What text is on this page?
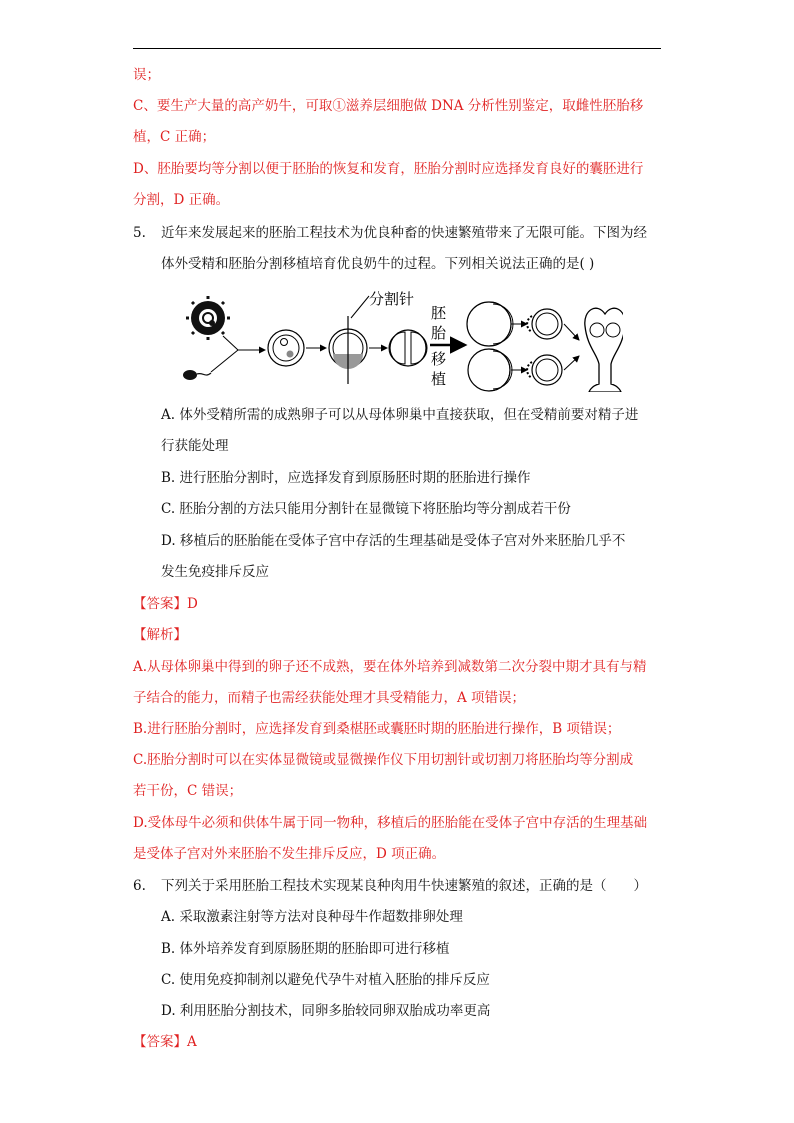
误；
C、要生产大量的高产奶牛，可取①滋养层细胞做 DNA 分析性别鉴定，取雌性胚胎移
植，C 正确；
D、胚胎要均等分割以便于胚胎的恢复和发育，胚胎分割时应选择发育良好的囊胚进行
分割，D 正确。
5. 近年来发展起来的胚胎工程技术为优良种畜的快速繁殖带来了无限可能。下图为经
体外受精和胚胎分割移植培育优良奶牛的过程。下列相关说法正确的是( )
分割针
胚
胎
移
植
A. 体外受精所需的成熟卵子可以从母体卵巢中直接获取，但在受精前要对精子进
行获能处理
B. 进行胚胎分割时，应选择发育到原肠胚时期的胚胎进行操作
C. 胚胎分割的方法只能用分割针在显微镜下将胚胎均等分割成若干份
D. 移植后的胚胎能在受体子宫中存活的生理基础是受体子宫对外来胚胎几乎不
发生免疫排斥反应
【答案】D
【解析】
A.从母体卵巢中得到的卵子还不成熟，要在体外培养到减数第二次分裂中期才具有与精
子结合的能力，而精子也需经获能处理才具受精能力，A 项错误；
B.进行胚胎分割时，应选择发育到桑椹胚或囊胚时期的胚胎进行操作，B 项错误；
C.胚胎分割时可以在实体显微镜或显微操作仪下用切割针或切割刀将胚胎均等分割成
若干份，C 错误；
D.受体母牛必须和供体牛属于同一物种，移植后的胚胎能在受体子宫中存活的生理基础
是受体子宫对外来胚胎不发生排斥反应，D 项正确。
6. 下列关于采用胚胎工程技术实现某良种肉用牛快速繁殖的叙述，正确的是（　　）
A. 采取激素注射等方法对良种母牛作超数排卵处理
B. 体外培养发育到原肠胚期的胚胎即可进行移植
C. 使用免疫抑制剂以避免代孕牛对植入胚胎的排斥反应
D. 利用胚胎分割技术，同卵多胎较同卵双胎成功率更高
【答案】A
